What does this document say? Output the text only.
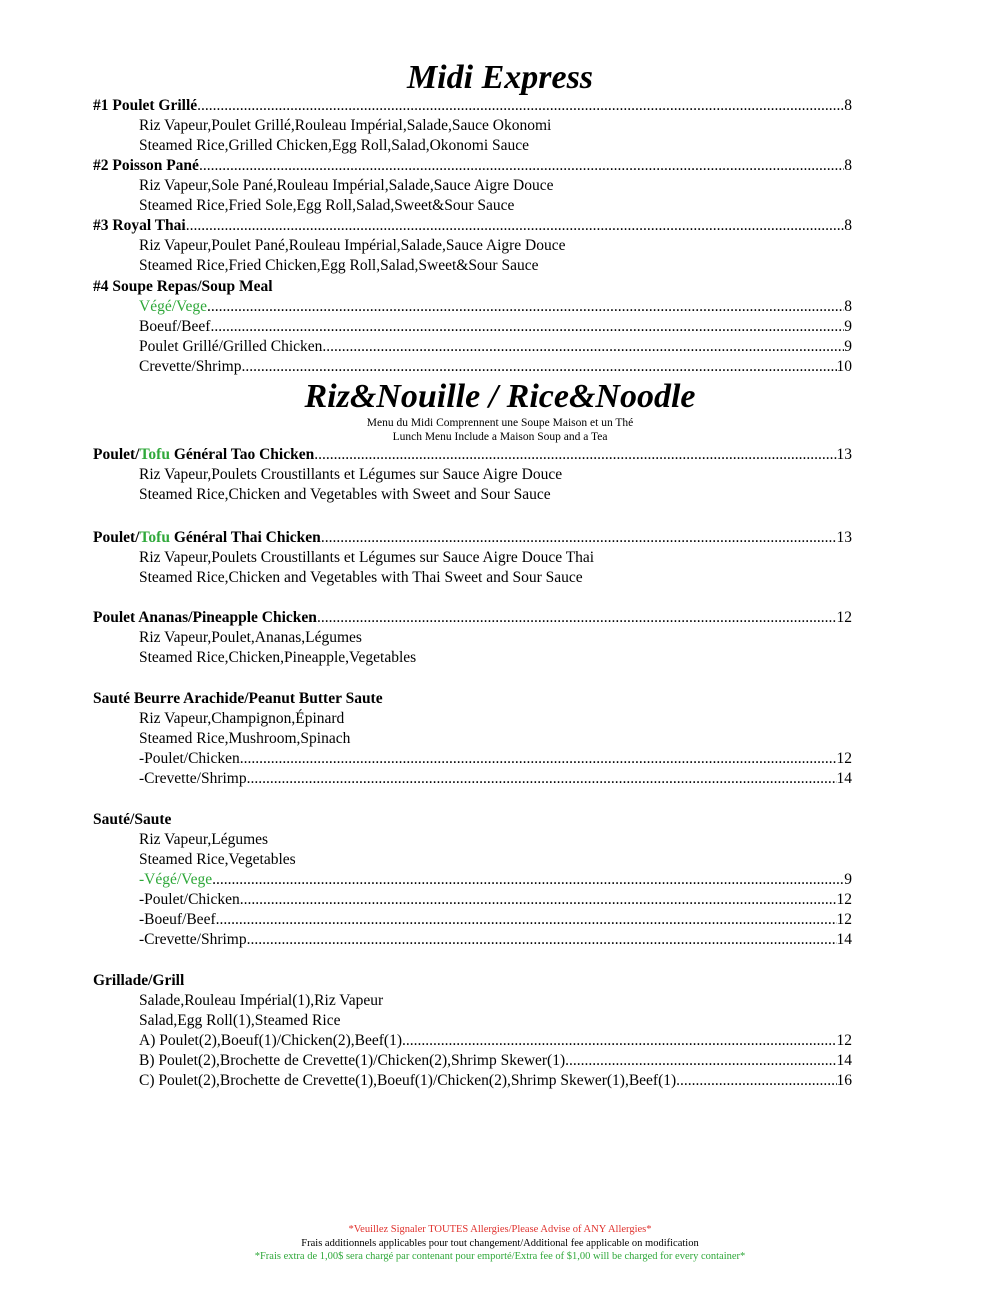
Midi Express
#1 Poulet Grillé .....	8
Riz Vapeur,Poulet Grillé,Rouleau Impérial,Salade,Sauce Okonomi
Steamed Rice,Grilled Chicken,Egg Roll,Salad,Okonomi Sauce
#2 Poisson Pané .....	8
Riz Vapeur,Sole Pané,Rouleau Impérial,Salade,Sauce Aigre Douce
Steamed Rice,Fried Sole,Egg Roll,Salad,Sweet&Sour Sauce
#3 Royal Thai .....	8
Riz Vapeur,Poulet Pané,Rouleau Impérial,Salade,Sauce Aigre Douce
Steamed Rice,Fried Chicken,Egg Roll,Salad,Sweet&Sour Sauce
#4 Soupe Repas/Soup Meal
Végé/Vege .....	8
Boeuf/Beef .....	9
Poulet Grillé/Grilled Chicken .....	9
Crevette/Shrimp .....	10
Riz&Nouille / Rice&Noodle
Menu du Midi Comprennent une Soupe Maison et un Thé
Lunch Menu Include a Maison Soup and a Tea
Poulet/Tofu Général Tao Chicken .....	13
Riz Vapeur,Poulets Croustillants et Légumes sur Sauce Aigre Douce
Steamed Rice,Chicken and Vegetables with Sweet and Sour Sauce
Poulet/Tofu Général Thai Chicken .....	13
Riz Vapeur,Poulets Croustillants et Légumes sur Sauce Aigre Douce Thai
Steamed Rice,Chicken and Vegetables with Thai Sweet and Sour Sauce
Poulet Ananas/Pineapple Chicken .....	12
Riz Vapeur,Poulet,Ananas,Légumes
Steamed Rice,Chicken,Pineapple,Vegetables
Sauté Beurre Arachide/Peanut Butter Saute
Riz Vapeur,Champignon,Épinard
Steamed Rice,Mushroom,Spinach
-Poulet/Chicken .....	12
-Crevette/Shrimp .....	14
Sauté/Saute
Riz Vapeur,Légumes
Steamed Rice,Vegetables
-Végé/Vege .....	9
-Poulet/Chicken .....	12
-Boeuf/Beef .....	12
-Crevette/Shrimp .....	14
Grillade/Grill
Salade,Rouleau Impérial(1),Riz Vapeur
Salad,Egg Roll(1),Steamed Rice
A) Poulet(2),Boeuf(1)/Chicken(2),Beef(1) .....	12
B) Poulet(2),Brochette de Crevette(1)/Chicken(2),Shrimp Skewer(1) .....	14
C) Poulet(2),Brochette de Crevette(1),Boeuf(1)/Chicken(2),Shrimp Skewer(1),Beef(1) .....	16
*Veuillez Signaler TOUTES Allergies/Please Advise of ANY Allergies*
Frais additionnels applicables pour tout changement/Additional fee applicable on modification
*Frais extra de 1,00$ sera chargé par contenant pour emporté/Extra fee of $1,00 will be charged for every container*
